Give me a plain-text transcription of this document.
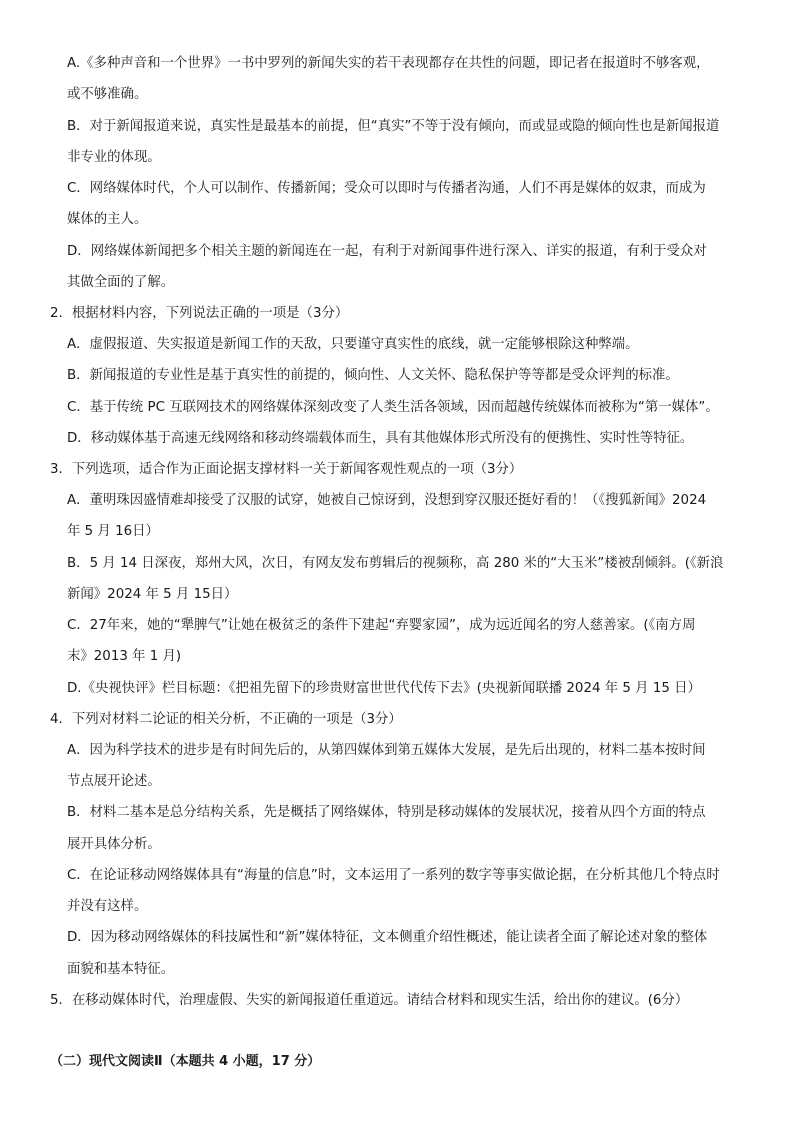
A.《多种声音和一个世界》一书中罗列的新闻失实的若干表现都存在共性的问题，即记者在报道时不够客观，
或不够准确。
B．对于新闻报道来说，真实性是最基本的前提，但“真实”不等于没有倾向，而或显或隐的倾向性也是新闻报道
非专业的体现。
C．网络媒体时代，个人可以制作、传播新闻；受众可以即时与传播者沟通，人们不再是媒体的奴隶，而成为
媒体的主人。
D．网络媒体新闻把多个相关主题的新闻连在一起，有利于对新闻事件进行深入、详实的报道，有利于受众对
其做全面的了解。
2．根据材料内容，下列说法正确的一项是（3分）
A．虚假报道、失实报道是新闻工作的天敌，只要谨守真实性的底线，就一定能够根除这种弊端。
B．新闻报道的专业性是基于真实性的前提的，倾向性、人文关怀、隐私保护等等都是受众评判的标准。
C．基于传统 PC 互联网技术的网络媒体深刻改变了人类生活各领域，因而超越传统媒体而被称为“第一媒体”。
D．移动媒体基于高速无线网络和移动终端载体而生，具有其他媒体形式所没有的便携性、实时性等特征。
3．下列选项，适合作为正面论据支撑材料一关于新闻客观性观点的一项（3分）
A．董明珠因盛情难却接受了汉服的试穿，她被自己惊讶到，没想到穿汉服还挺好看的！（《搜狐新闻》2024
年 5 月 16日）
B．5 月 14 日深夜，郑州大风，次日，有网友发布剪辑后的视频称，高 280 米的“大玉米”楼被刮倾斜。(《新浪
新闻》2024 年 5 月 15日）
C．27年来，她的“犟脾气”让她在极贫乏的条件下建起“弃婴家园”，成为远近闻名的穷人慈善家。(《南方周
末》2013 年 1 月)
D.《央视快评》栏目标题：《把祖先留下的珍贵财富世世代代传下去》(央视新闻联播 2024 年 5 月 15 日）
4．下列对材料二论证的相关分析，不正确的一项是（3分）
A．因为科学技术的进步是有时间先后的，从第四媒体到第五媒体大发展，是先后出现的，材料二基本按时间
节点展开论述。
B．材料二基本是总分结构关系，先是概括了网络媒体，特别是移动媒体的发展状况，接着从四个方面的特点
展开具体分析。
C．在论证移动网络媒体具有“海量的信息”时，文本运用了一系列的数字等事实做论据，在分析其他几个特点时
并没有这样。
D．因为移动网络媒体的科技属性和“新”媒体特征，文本侧重介绍性概述，能让读者全面了解论述对象的整体
面貌和基本特征。
5．在移动媒体时代，治理虚假、失实的新闻报道任重道远。请结合材料和现实生活，给出你的建议。(6分）
（二）现代文阅读Ⅱ（本题共 4 小题，17 分）
